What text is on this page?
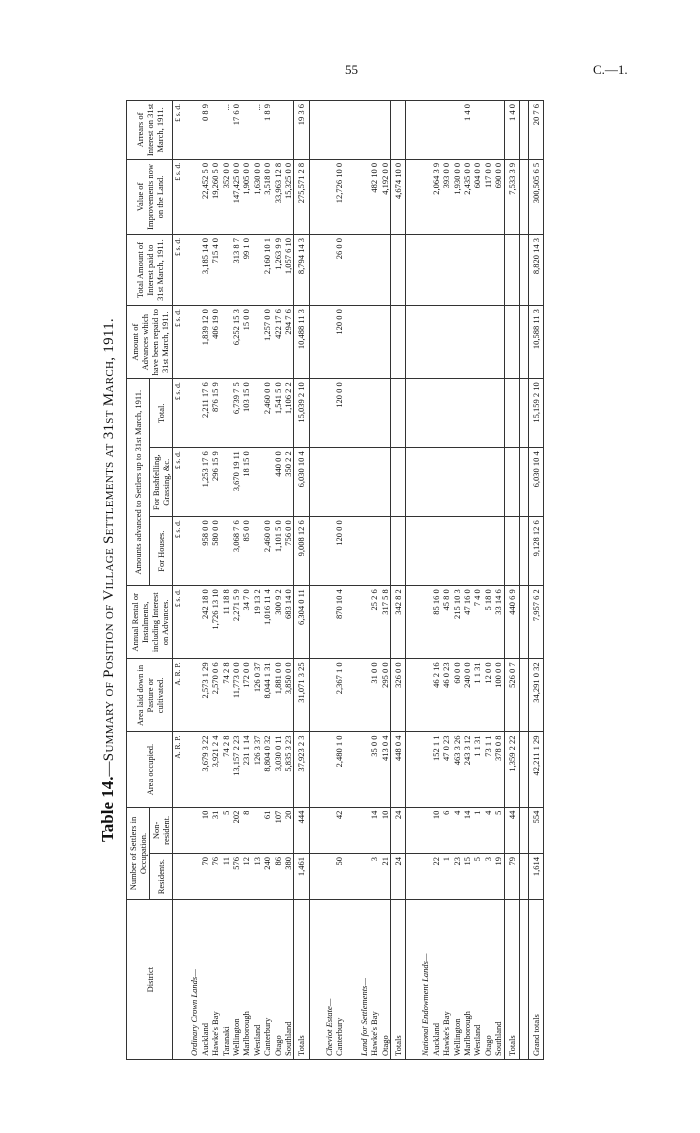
55	C.—1.
Table 14.—Summary of Position of Village Settlements at 31st March, 1911.
District	Number of Settlers in Occupation.		Area occupied.	Area laid down in Pasture or cultivated.	Annual Rental or Instalments, including Interest on Advances.	Amounts advanced to Settlers up to 31st March, 1911.			Amount of Advances which have been repaid to 31st March, 1911.	Total Amount of Interest paid to 31st March, 1911.	Value of Improvements now on the Land.	Arrears of Interest on 31st March, 1911.
	Residents.	Non-resident.				For Houses.	For Bushfelling, Grassing, &c.	Total.				
			A. R. P.	A. R. P.	£ s. d.	£ s. d.	£ s. d.	£ s. d.	£ s. d.	£ s. d.	£ s. d.	£ s. d.
Ordinary Crown Lands—												
Auckland	70	10	3,679 3 22	2,573 1 29	242 18 0	958 0 0	1,253 17 6	2,211 17 6	1,839 12 0	3,185 14 0	22,452 5 0	0 8 9
Hawke's Bay	76	31	3,921 2 4	2,570 0 6	1,726 13 10	580 0 0	296 15 9	876 15 9	406 19 0	715 4 0	19,260 5 0	
Taranaki	11	5	74 2 8	74 2 8	11 18 8						352 0 0	...
Wellington	576	202	13,157 2 23	11,773 0 0	2,271 5 9	3,068 7 6	3,670 19 11	6,739 7 5	6,252 15 3	313 8 7	147,425 0 0	17 6 0
Marlborough	12	8	231 1 14	172 0 0	34 7 0	85 0 0	18 15 0	103 15 0	15 0 0	99 1 0	1,905 0 0	
Westland	13		126 3 37	126 0 37	19 13 2						1,630 0 0	...
Canterbury	240	61	8,804 0 32	8,044 1 31	1,016 11 4	2,460 0 0		2,460 0 0	1,257 0 0	2,160 10 1	3,518 0 0	1 8 9
Otago	86	107	3,030 0 11	1,881 0 0	300 9 2	1,101 5 0	440 0 0	1,541 5 0	422 17 6	1,263 9 9	33,963 12 8	
Southland	380	20	5,835 3 23	3,850 0 0	683 14 0	756 0 0	350 2 2	1,106 2 2	294 7 6	1,057 6 10	15,325 0 0	
Totals	1,461	444	37,923 2 3	31,071 3 25	6,304 0 11	9,008 12 6	6,030 10 4	15,039 2 10	10,488 11 3	8,794 14 3	275,571 2 8	19 3 6

Cheviot Estate—												
Canterbury	50	42	2,480 1 0	2,367 1 0	870 10 4	120 0 0		120 0 0	120 0 0	26 0 0	12,726 10 0	

Land for Settlements—												
Hawke's Bay	3	14	35 0 0	31 0 0	25 2 6						482 10 0	
Otago	21	10	413 0 4	295 0 0	317 5 8						4,192 0 0	
Totals	24	24	448 0 4	326 0 0	342 8 2						4,674 10 0	

National Endowment Lands—												
Auckland	22	10	152 1 1	46 2 16	85 16 0						2,064 3 9	
Hawke's Bay	1	6	47 0 23	46 0 23	45 8 0						393 0 0	
Wellington	23	4	463 3 26	60 0 0	215 10 3						1,930 0 0	
Marlborough	15	14	243 3 12	240 0 0	47 16 0						2,435 0 0	1 4 0
Westland	5	1	1 1 31	1 1 31	7 4 0						604 0 0	
Otago	3	4	73 1 1	12 0 0	5 18 0						117 0 0	
Southland	19	5	378 0 8	100 0 0	33 14 6						690 0 0	
Totals	79	44	1,359 2 22	526 0 7	440 6 9						7,533 3 9	1 4 0

Grand totals	1,614	554	42,211 1 29	34,291 0 32	7,957 6 2	9,128 12 6	6,030 10 4	15,159 2 10	10,588 11 3	8,820 14 3	300,505 6 5	20 7 6
